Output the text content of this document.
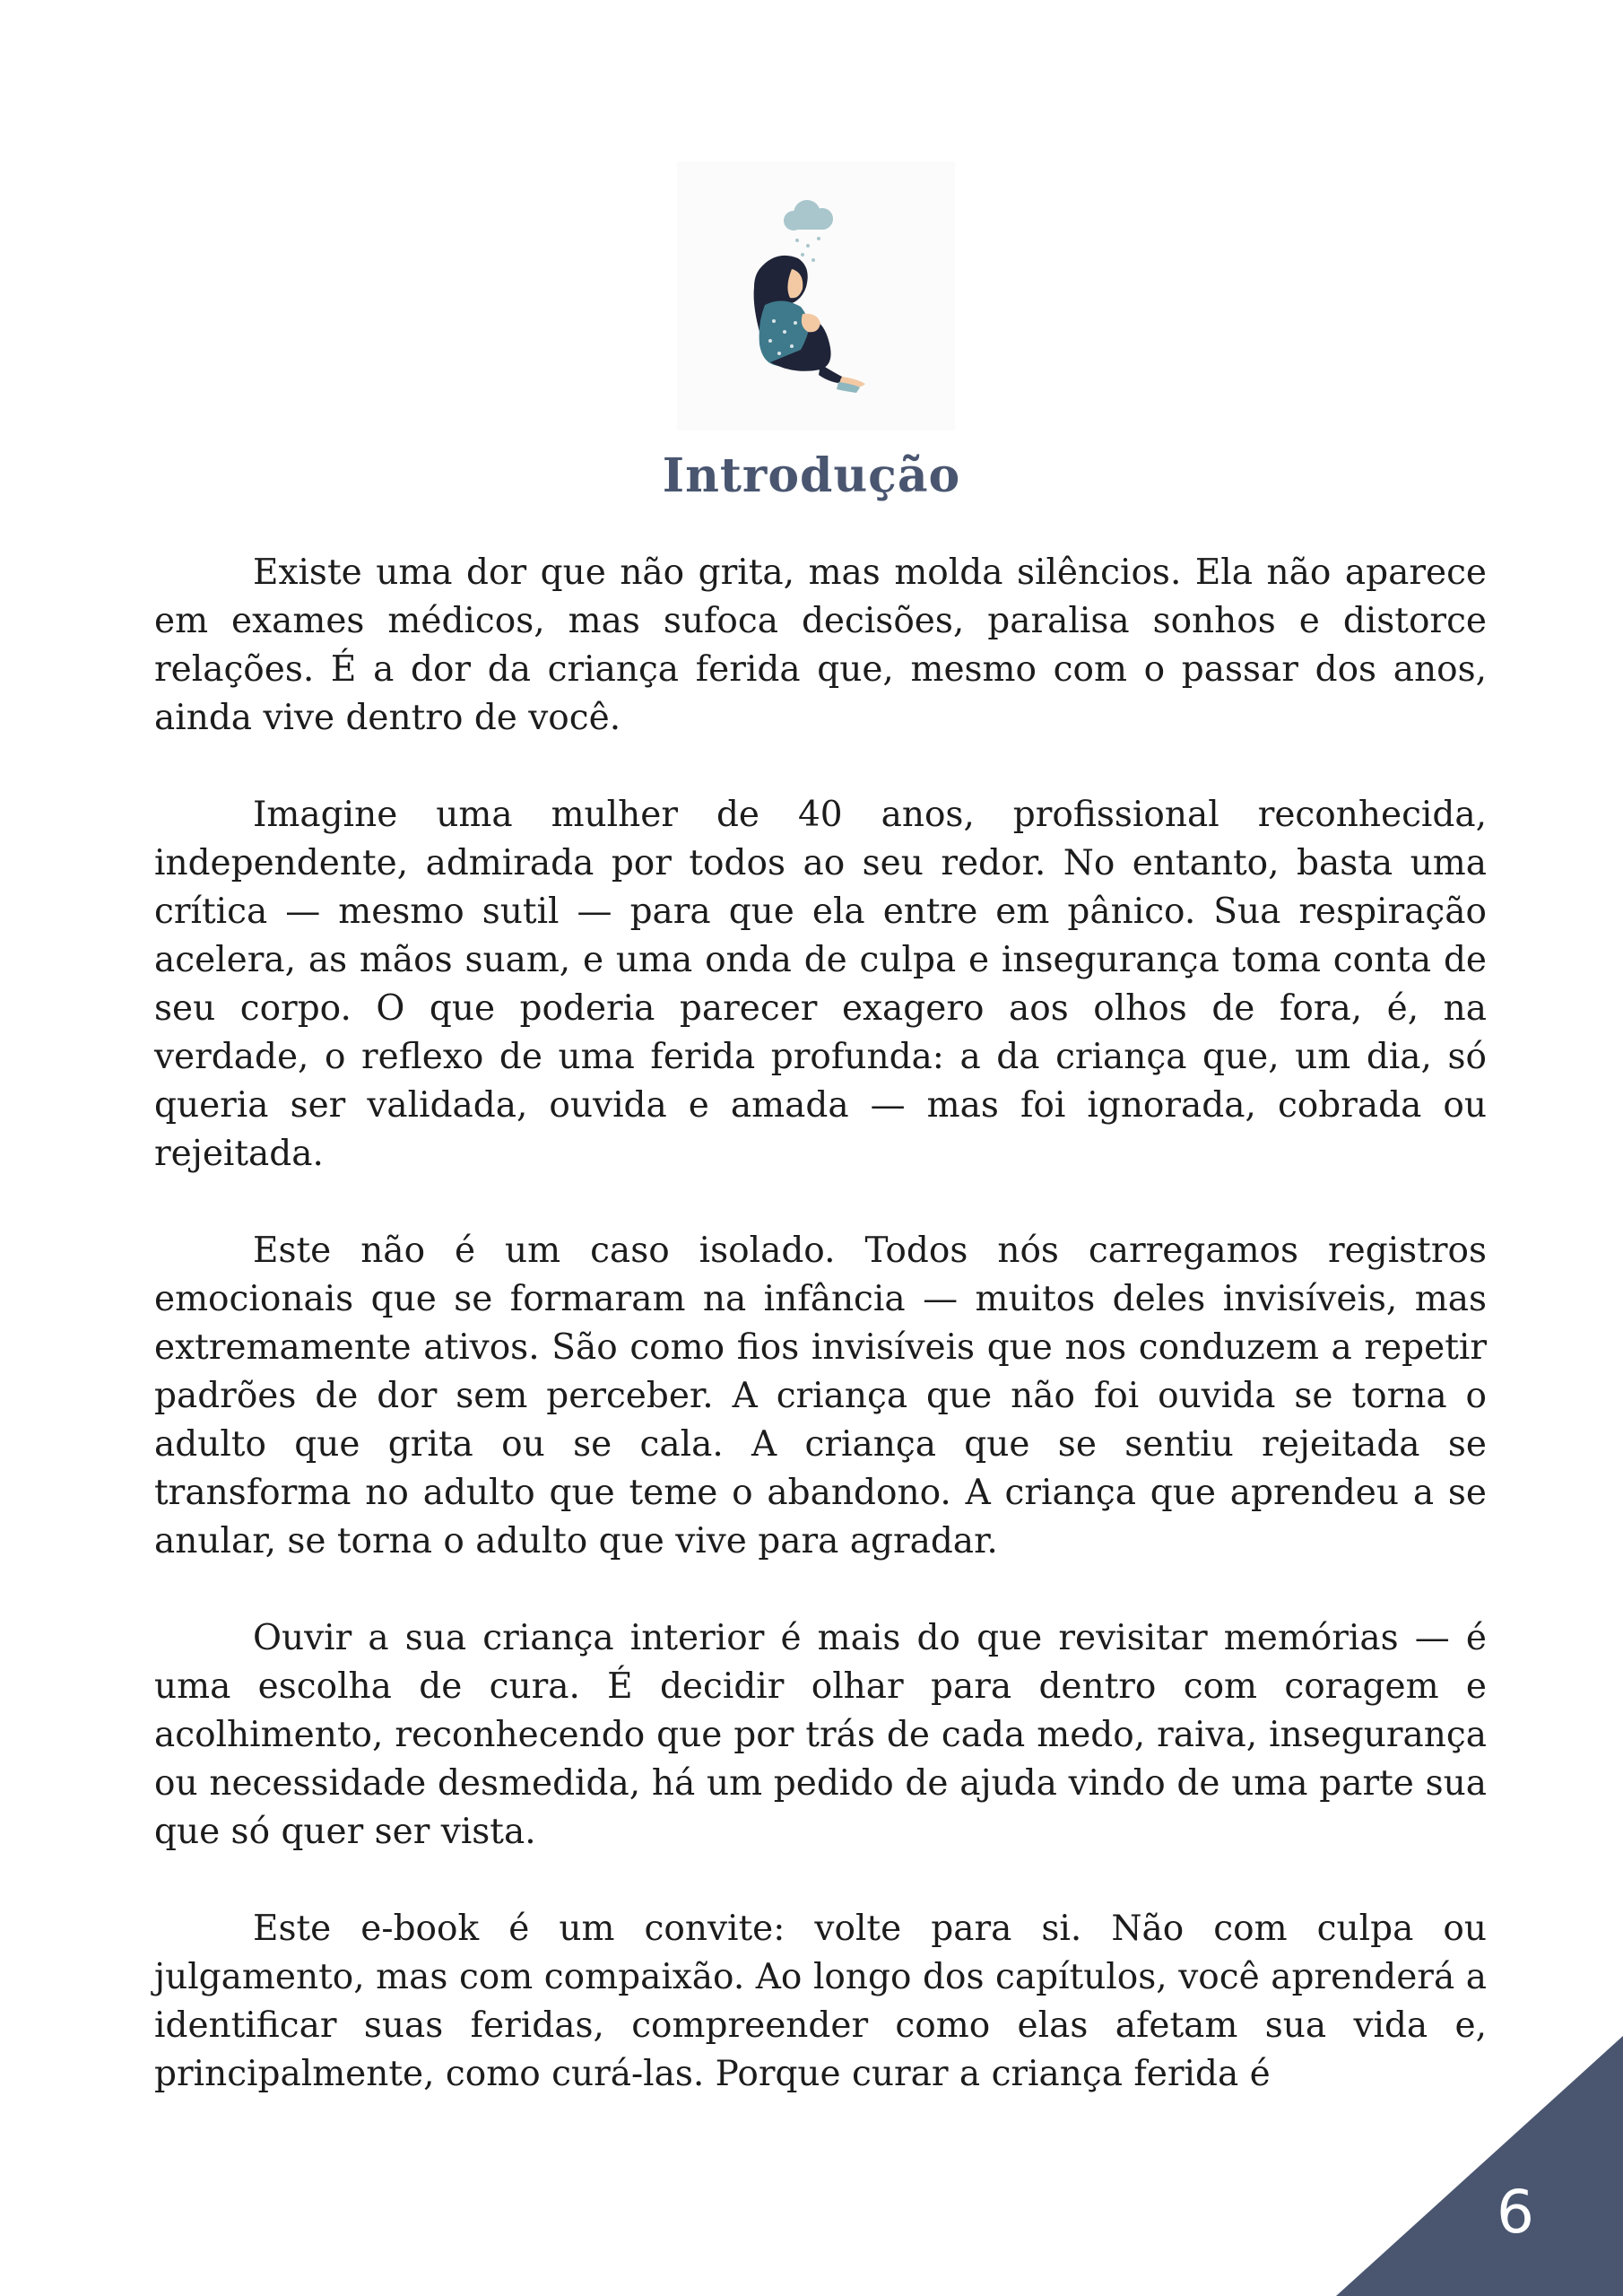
Introdução

Existe uma dor que não grita, mas molda silêncios. Ela não aparece em exames médicos, mas sufoca decisões, paralisa sonhos e distorce relações. É a dor da criança ferida que, mesmo com o passar dos anos, ainda vive dentro de você.

Imagine uma mulher de 40 anos, profissional reconhecida, independente, admirada por todos ao seu redor. No entanto, basta uma crítica — mesmo sutil — para que ela entre em pânico. Sua respiração acelera, as mãos suam, e uma onda de culpa e insegurança toma conta de seu corpo. O que poderia parecer exagero aos olhos de fora, é, na verdade, o reflexo de uma ferida profunda: a da criança que, um dia, só queria ser validada, ouvida e amada — mas foi ignorada, cobrada ou rejeitada.

Este não é um caso isolado. Todos nós carregamos registros emocionais que se formaram na infância — muitos deles invisíveis, mas extremamente ativos. São como fios invisíveis que nos conduzem a repetir padrões de dor sem perceber. A criança que não foi ouvida se torna o adulto que grita ou se cala. A criança que se sentiu rejeitada se transforma no adulto que teme o abandono. A criança que aprendeu a se anular, se torna o adulto que vive para agradar.

Ouvir a sua criança interior é mais do que revisitar memórias — é uma escolha de cura. É decidir olhar para dentro com coragem e acolhimento, reconhecendo que por trás de cada medo, raiva, insegurança ou necessidade desmedida, há um pedido de ajuda vindo de uma parte sua que só quer ser vista.

Este e-book é um convite: volte para si. Não com culpa ou julgamento, mas com compaixão. Ao longo dos capítulos, você aprenderá a identificar suas feridas, compreender como elas afetam sua vida e, principalmente, como curá-las. Porque curar a criança ferida é

6
